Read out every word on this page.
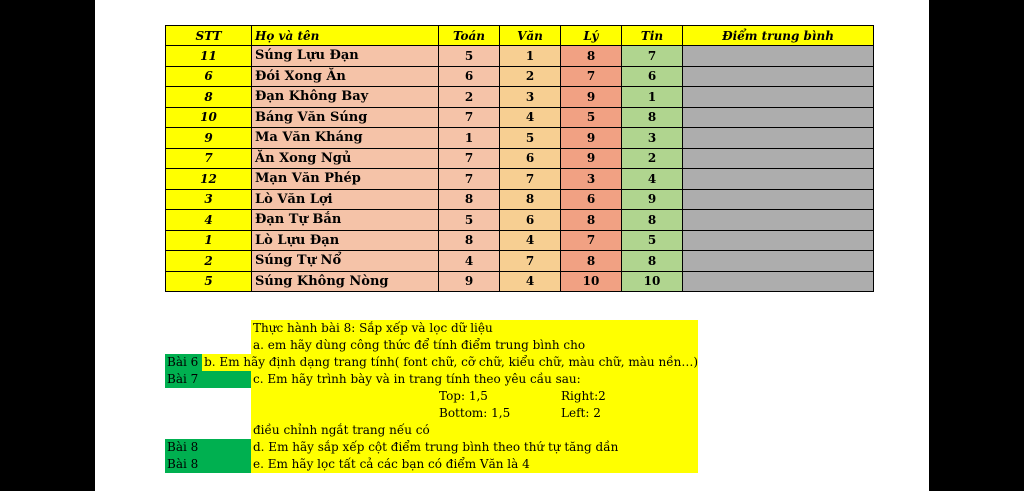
STT	Họ và tên	Toán	Văn	Lý	Tin	Điểm trung bình
11	Súng Lựu Đạn	5	1	8	7	
6	Đói Xong Ăn	6	2	7	6	
8	Đạn Không Bay	2	3	9	1	
10	Báng Văn Súng	7	4	5	8	
9	Ma Văn Kháng	1	5	9	3	
7	Ăn Xong Ngủ	7	6	9	2	
12	Mạn Văn Phép	7	7	3	4	
3	Lò Văn Lợi	8	8	6	9	
4	Đạn Tự Bắn	5	6	8	8	
1	Lò Lựu Đạn	8	4	7	5	
2	Súng Tự Nổ	4	7	8	8	
5	Súng Không Nòng	9	4	10	10	
Thực hành bài 8: Sắp xếp và lọc dữ liệu
a. em hãy dùng công thức để tính điểm trung bình cho
Bài 6 b. Em hãy định dạng trang tính( font chữ, cỡ chữ, kiểu chữ, màu chữ, màu nền…)
Bài 7	c. Em hãy trình bày và in trang tính theo yêu cầu sau:
Top: 1,5	Right:2
Bottom: 1,5	Left: 2
điều chỉnh ngắt trang nếu có
Bài 8	d. Em hãy sắp xếp cột điểm trung bình theo thứ tự tăng dần
Bài 8	e. Em hãy lọc tất cả các bạn có điểm Văn là 4
